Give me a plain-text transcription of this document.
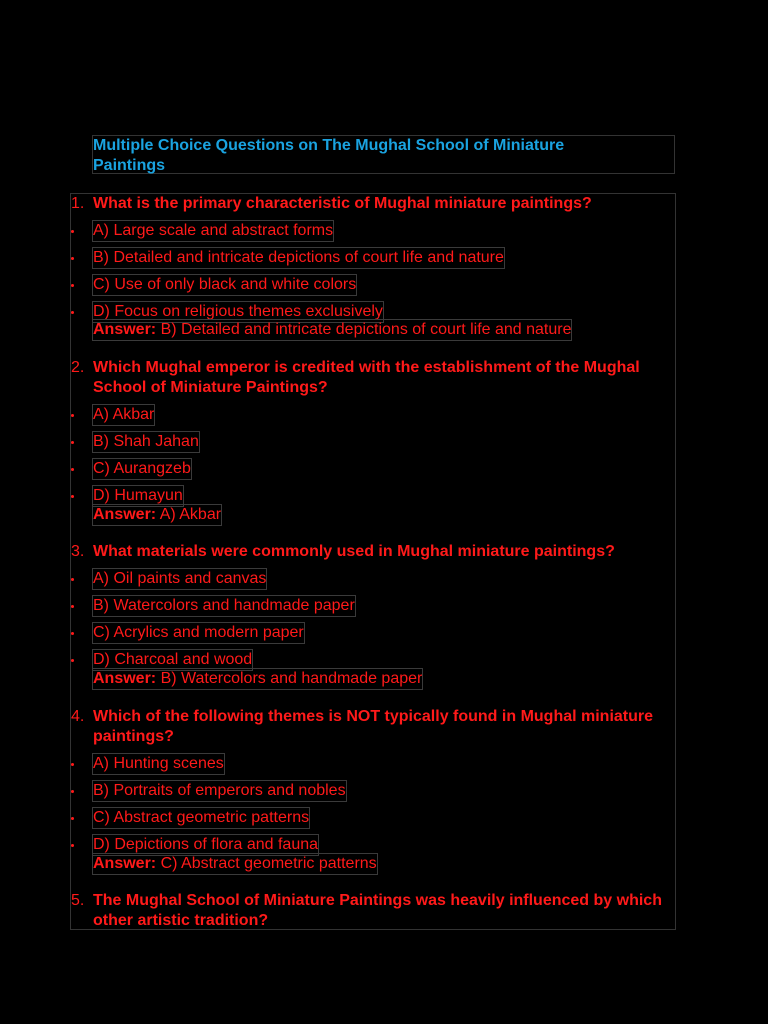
Multiple Choice Questions on The Mughal School of Miniature Paintings
1. What is the primary characteristic of Mughal miniature paintings?
A) Large scale and abstract forms
B) Detailed and intricate depictions of court life and nature
C) Use of only black and white colors
D) Focus on religious themes exclusively
Answer: B) Detailed and intricate depictions of court life and nature
2. Which Mughal emperor is credited with the establishment of the Mughal School of Miniature Paintings?
A) Akbar
B) Shah Jahan
C) Aurangzeb
D) Humayun
Answer: A) Akbar
3. What materials were commonly used in Mughal miniature paintings?
A) Oil paints and canvas
B) Watercolors and handmade paper
C) Acrylics and modern paper
D) Charcoal and wood
Answer: B) Watercolors and handmade paper
4. Which of the following themes is NOT typically found in Mughal miniature paintings?
A) Hunting scenes
B) Portraits of emperors and nobles
C) Abstract geometric patterns
D) Depictions of flora and fauna
Answer: C) Abstract geometric patterns
5. The Mughal School of Miniature Paintings was heavily influenced by which other artistic tradition?
